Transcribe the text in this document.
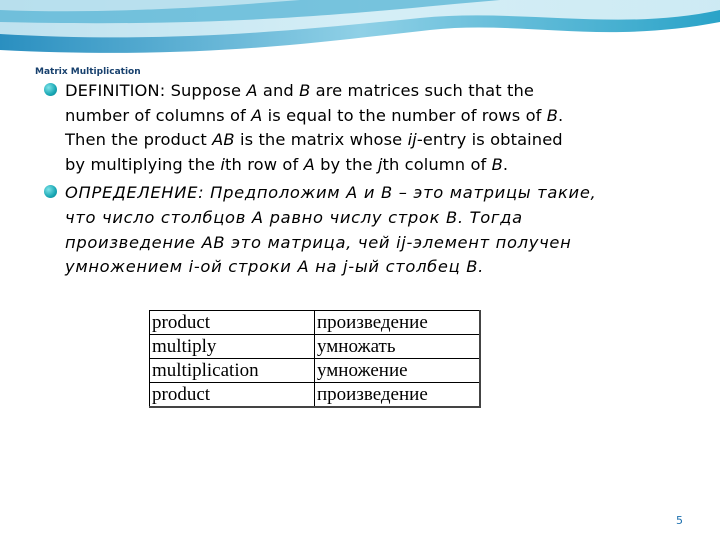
Matrix Multiplication
DEFINITION: Suppose A and B are matrices such that the
number of columns of A is equal to the number of rows of B.
Then the product AB is the matrix whose ij-entry is obtained
by multiplying the ith row of A by the jth column of B.
ОПРЕДЕЛЕНИЕ: Предположим A и B – это матрицы такие,
что число столбцов A равно числу строк B. Тогда
произведение AB это матрица, чей ij-элемент получен
умножением i-ой строки A на j-ый столбец B.
product	произведение
multiply	умножать
multiplication	умножение
product	произведение
5
